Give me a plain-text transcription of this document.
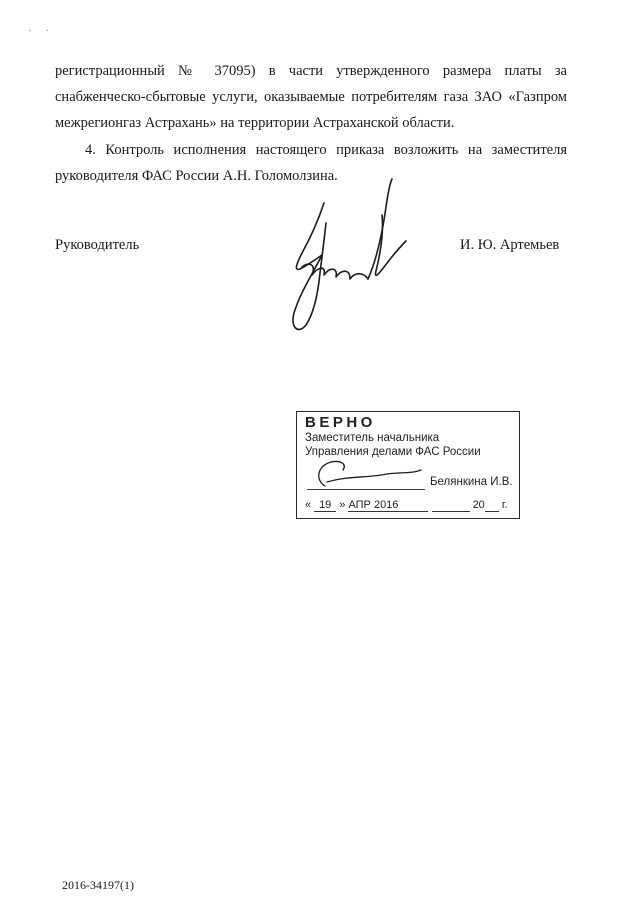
··
регистрационный № 37095) в части утвержденного размера платы за
снабженческо-сбытовые услуги, оказываемые потребителям газа ЗАО «Газпром
межрегионгаз Астрахань» на территории Астраханской области.
4. Контроль исполнения настоящего приказа возложить на заместителя
руководителя ФАС России А.Н. Голомолзина.
Руководитель	И. Ю. Артемьев
ВЕРНО
Заместитель начальника
Управления делами ФАС России
Белянкина И.В.
« 19 » АПР 2016	20 г.
2016-34197(1)
